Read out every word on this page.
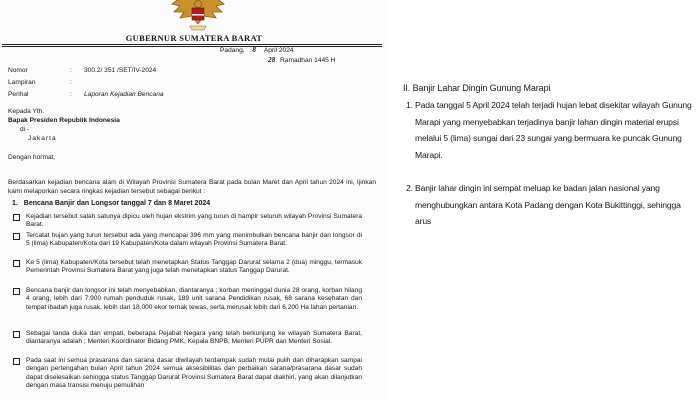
GUBERNUR SUMATERA BARAT
Padang, 8 April 2024
28 Ramadhan 1445 H
Nomor	: 300.2/ 351 /SET/IV-2024
Lampiran	:
Perihal	: Laporan Kejadian Bencana
Kepada Yth.
Bapak Presiden Republik Indonesia
di -
Jakarta
Dengan hormat,
Berdasarkan kejadian bencana alam di Wilayah Provinsi Sumatera Barat pada bulan Maret dan April tahun 2024 ini, Ijinkan kami melaporkan secara ringkas kejadian tersebut sebagai berikut :
1. Bencana Banjir dan Longsor tanggal 7 dan 8 Maret 2024
Kejadian tersebut salah satunya dipicu oleh hujan ekstrim yang turun di hampir seluruh wilayah Provinsi Sumatera Barat.
Tercatat hujan yang turun tersebut ada yang mencapai 396 mm yang menimbulkan bencana banjir dan longsor di 5 (lima) Kabupaten/Kota dari 19 Kabupaten/Kota dalam wilayah Provinsi Sumatera Barat.
Ke 5 (lima) Kabupaten/Kota tersebut telah menetapkan Status Tanggap Darurat selama 2 (dua) minggu, termasuk Pemerintah Provinsi Sumatera Barat yang juga telah menetapkan status Tanggap Darurat.
Bencana banjir dan longsor ini telah menyebabkan, diantaranya ; korban meninggal dunia 28 orang, korban hilang 4 orang, lebih dari 7.900 rumah penduduk rusak, 189 unit sarana Pendidikan rusak, 68 sarana kesehatan dan tempat ibadah juga rusak, lebih dari 18.000 ekor ternak tewas, serta merusak lebih dari 6.200 Ha lahan pertanian.
Sebagai tanda duka dan empati, beberapa Pejabat Negara yang telah berkunjung ke wilayah Sumatera Barat, diantaranya adalah ; Menteri Koordinator Bidang PMK, Kepala BNPB, Menteri PUPR dan Menteri Sosial.
Pada saat ini semua prasarana dan sarana dasar diwilayah terdampak sudah mulai pulih dan diharapkan sampai dengan pertengahan bulan April tahun 2024 semua aksesibilitas dan perbaikan sarana/prasarana dasar sudah dapat diselesaikan sehingga status Tanggap Darurat Provinsi Sumatera Barat dapat diakhiri, yang akan dilanjutkan dengan masa transisi menuju pemulihan
II. Banjir Lahar Dingin Gunung Marapi
1. Pada tanggal 5 April 2024 telah terjadi hujan lebat disekitar wilayah Gunung Marapi yang menyebabkan terjadinya banjir lahan dingin material erupsi melalui 5 (lima) sungai dari 23 sungai yang bermuara ke puncak Gunung Marapi.
2. Banjir lahar dingin ini sempat meluap ke badan jalan nasional yang menghubungkan antara Kota Padang dengan Kota Bukittinggi, sehingga arus
